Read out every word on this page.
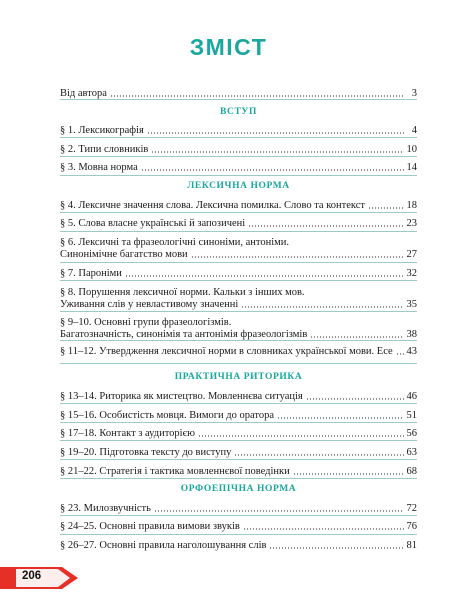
ЗМІСТ
Від автора	3
ВСТУП
§ 1. Лексикографія	4
§ 2. Типи словників	10
§ 3. Мовна норма	14
ЛЕКСИЧНА НОРМА
§ 4. Лексичне значення слова. Лексична помилка. Слово та контекст	18
§ 5. Слова власне українські й запозичені	23
§ 6. Лексичні та фразеологічні синоніми, антоніми.
Синонімічне багатство мови	27
§ 7. Пароніми	32
§ 8. Порушення лексичної норми. Кальки з інших мов.
Уживання слів у невластивому значенні	35
§ 9–10. Основні групи фразеологізмів.
Багатозначність, синонімія та антонімія фразеологізмів	38
§ 11–12. Утвердження лексичної норми в словниках української мови. Есе 43
ПРАКТИЧНА РИТОРИКА
§ 13–14. Риторика як мистецтво. Мовленнєва ситуація	46
§ 15–16. Особистість мовця. Вимоги до оратора	51
§ 17–18. Контакт з аудиторією	56
§ 19–20. Підготовка тексту до виступу	63
§ 21–22. Стратегія і тактика мовленнєвої поведінки	68
ОРФОЕПІЧНА НОРМА
§ 23. Милозвучність	72
§ 24–25. Основні правила вимови звуків	76
§ 26–27. Основні правила наголошування слів	81
206
